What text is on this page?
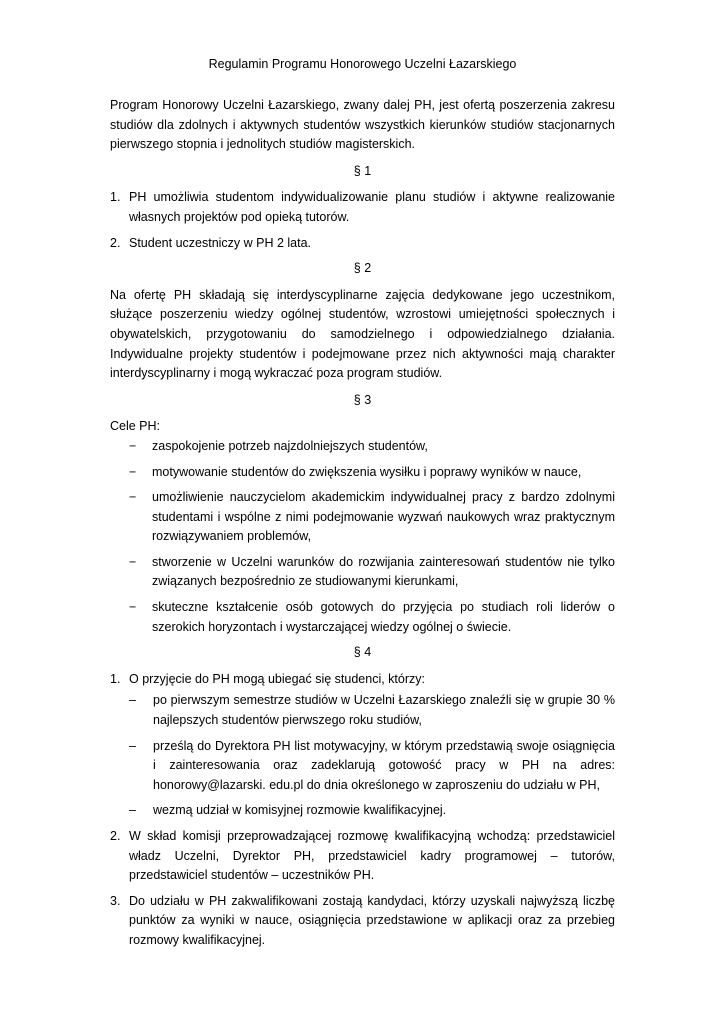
Regulamin Programu Honorowego Uczelni Łazarskiego

Program Honorowy Uczelni Łazarskiego, zwany dalej PH, jest ofertą poszerzenia zakresu studiów dla zdolnych i aktywnych studentów wszystkich kierunków studiów stacjonarnych pierwszego stopnia i jednolitych studiów magisterskich.

§ 1
1. PH umożliwia studentom indywidualizowanie planu studiów i aktywne realizowanie własnych projektów pod opieką tutorów.
2. Student uczestniczy w PH 2 lata.
§ 2

Na ofertę PH składają się interdyscyplinarne zajęcia dedykowane jego uczestnikom, służące poszerzeniu wiedzy ogólnej studentów, wzrostowi umiejętności społecznych i obywatelskich, przygotowaniu do samodzielnego i odpowiedzialnego działania. Indywidualne projekty studentów i podejmowane przez nich aktywności mają charakter interdyscyplinarny i mogą wykraczać poza program studiów.

§ 3
Cele PH:
− zaspokojenie potrzeb najzdolniejszych studentów,
− motywowanie studentów do zwiększenia wysiłku i poprawy wyników w nauce,
− umożliwienie nauczycielom akademickim indywidualnej pracy z bardzo zdolnymi studentami i wspólne z nimi podejmowanie wyzwań naukowych wraz praktycznym rozwiązywaniem problemów,
− stworzenie w Uczelni warunków do rozwijania zainteresowań studentów nie tylko związanych bezpośrednio ze studiowanymi kierunkami,
− skuteczne kształcenie osób gotowych do przyjęcia po studiach roli liderów o szerokich horyzontach i wystarczającej wiedzy ogólnej o świecie.
§ 4
1. O przyjęcie do PH mogą ubiegać się studenci, którzy:
– po pierwszym semestrze studiów w Uczelni Łazarskiego znaleźli się w grupie 30 % najlepszych studentów pierwszego roku studiów,
– prześlą do Dyrektora PH list motywacyjny, w którym przedstawią swoje osiągnięcia i zainteresowania oraz zadeklarują gotowość pracy w PH na adres: honorowy@lazarski. edu.pl do dnia określonego w zaproszeniu do udziału w PH,
– wezmą udział w komisyjnej rozmowie kwalifikacyjnej.
2. W skład komisji przeprowadzającej rozmowę kwalifikacyjną wchodzą: przedstawiciel władz Uczelni, Dyrektor PH, przedstawiciel kadry programowej – tutorów, przedstawiciel studentów – uczestników PH.
3. Do udziału w PH zakwalifikowani zostają kandydaci, którzy uzyskali najwyższą liczbę punktów za wyniki w nauce, osiągnięcia przedstawione w aplikacji oraz za przebieg rozmowy kwalifikacyjnej.
